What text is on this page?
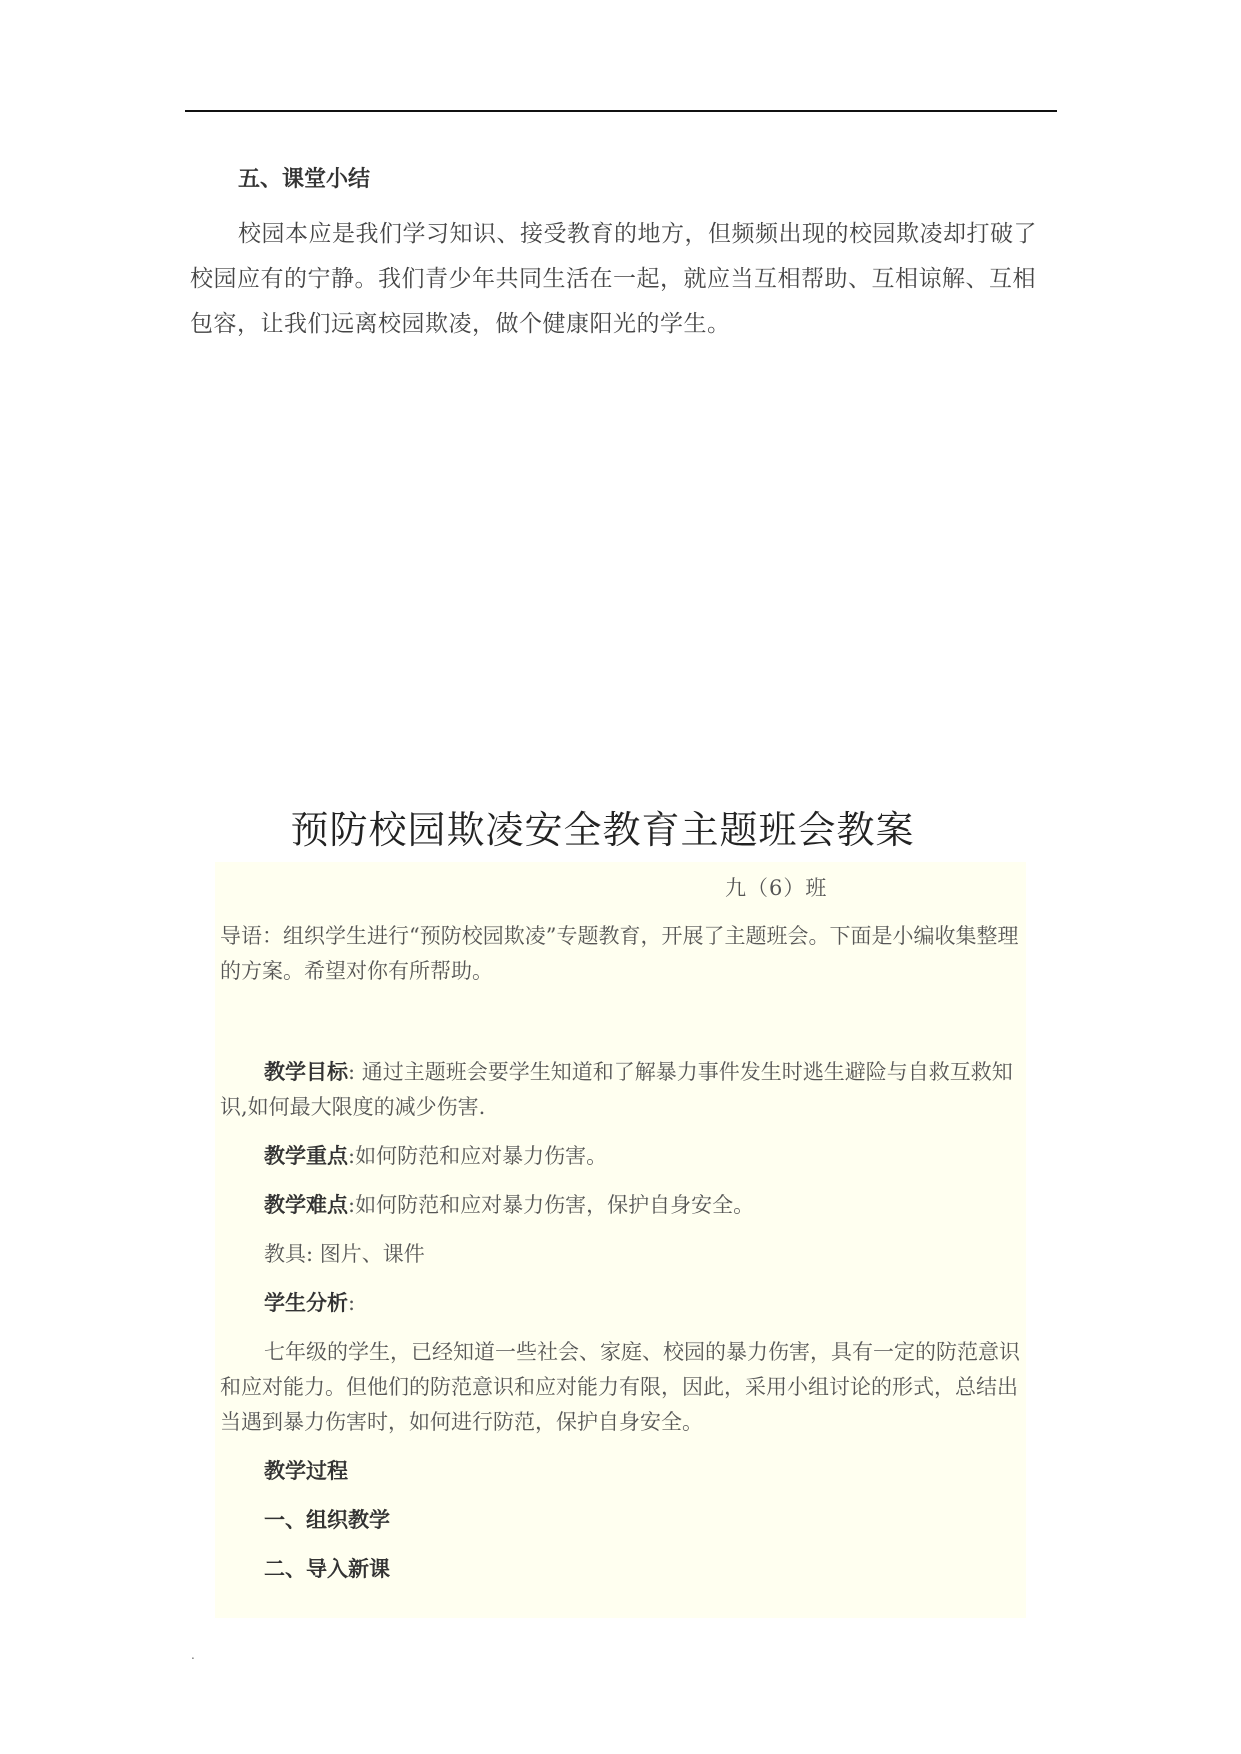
五、课堂小结
校园本应是我们学习知识、接受教育的地方，但频频出现的校园欺凌却打破了校园应有的宁静。我们青少年共同生活在一起，就应当互相帮助、互相谅解、互相包容，让我们远离校园欺凌，做个健康阳光的学生。
预防校园欺凌安全教育主题班会教案
九（6）班
导语：组织学生进行“预防校园欺凌”专题教育，开展了主题班会。下面是小编收集整理的方案。希望对你有所帮助。

教学目标: 通过主题班会要学生知道和了解暴力事件发生时逃生避险与自救互救知识,如何最大限度的减少伤害.

教学重点:如何防范和应对暴力伤害。

教学难点:如何防范和应对暴力伤害，保护自身安全。

教具: 图片、课件

学生分析:

七年级的学生，已经知道一些社会、家庭、校园的暴力伤害，具有一定的防范意识和应对能力。但他们的防范意识和应对能力有限，因此，采用小组讨论的形式，总结出当遇到暴力伤害时，如何进行防范，保护自身安全。

教学过程

一、组织教学

二、导入新课

.
